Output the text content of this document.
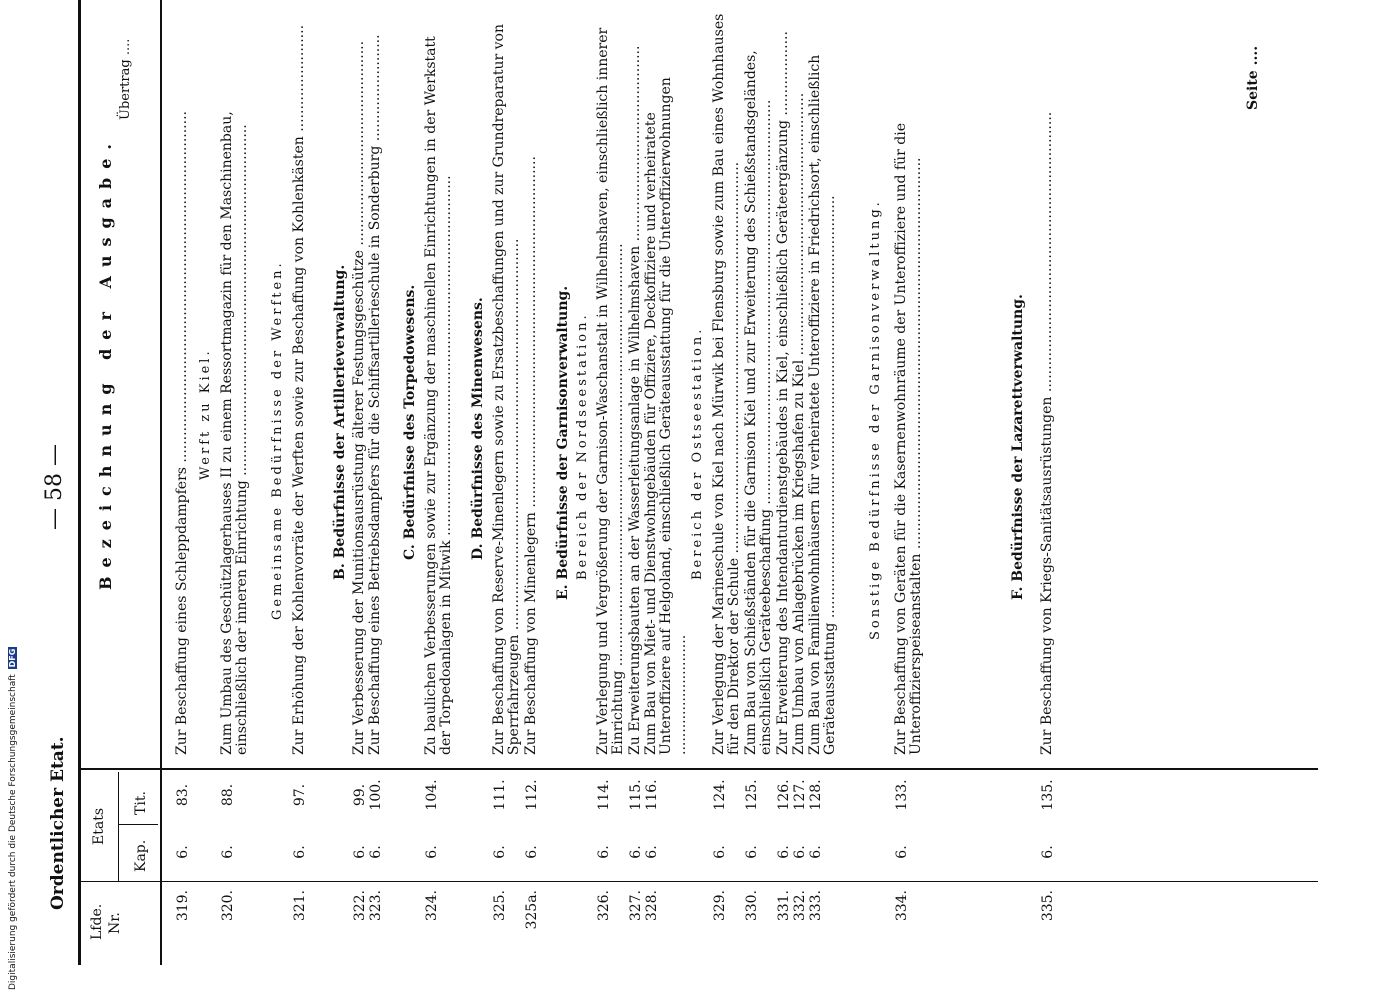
Ordentlicher Etat.
— 58 —
Lfde. Nr.
Etats
Kap.
Tit.
Bezeichnung der Ausgabe.
Übertrag ....
319.
6.
83.
Zur Beschaffung eines Schleppdampfers ............................................................................... Werft zu Kiel.
320.
6.
88.
Zum Umbau des Geschützlagerhauses II zu einem Ressortmagazin für den Maschinenbau, einschließlich der inneren Einrichtung ............................................................................... Gemeinsame Bedürfnisse der Werften.
321.
6.
97.
Zur Erhöhung der Kohlenvorräte der Werften sowie zur Beschaffung von Kohlenkästen ........................ B. Bedürfnisse der Artillerieverwaltung.
322.
6.
99.
Zur Verbesserung der Munitionsausrüstung älterer Festungsgeschütze ..............................................
323.
6.
100.
Zur Beschaffung eines Betriebsdampfers für die Schiffsartillerieschule in Sonderburg ........................ C. Bedürfnisse des Torpedowesens.
324.
6.
104.
Zu baulichen Verbesserungen sowie zur Ergänzung der maschinellen Einrichtungen in der Werkstatt der Torpedoanlagen in Mitwik ................................................................................. D. Bedürfnisse des Minenwesens.
325.
6.
111.
Zur Beschaffung von Reserve-Minenlegern sowie zu Ersatzbeschaffungen und zur Grundreparatur von Sperrfahrzeugen ........................................................................................
325a.
6.
112.
Zur Beschaffung von Minenlegern ............................................................................... E. Bedürfnisse der Garnisonverwaltung. Bereich der Nordseestation.
326.
6.
114.
Zur Verlegung und Vergrößerung der Garnison-Waschanstalt in Wilhelmshaven, einschließlich innerer Einrichtung ...............................................................................................
327.
6.
115.
Zu Erweiterungsbauten an der Wasserleitungsanlage in Wilhelmshaven ............................................
328.
6.
116.
Zum Bau von Miet- und Dienstwohngebäuden für Offiziere, Deckoffiziere und verheiratete Unteroffiziere auf Helgoland, einschließlich Geräteausstattung für die Unteroffizierwohnungen ...........................
Bereich der Ostseestation.
329.
6.
124.
Zur Verlegung der Marineschule von Kiel nach Mürwik bei Flensburg sowie zum Bau eines Wohnhauses für den Direktor der Schule ........................................................................................
330.
6.
125.
Zum Bau von Schießständen für die Garnison Kiel und zur Erweiterung des Schießstandsgeländes, einschließlich Geräteebeschaffung ...........................................................................................
331.
6.
126.
Zur Erweiterung des Intendanturdienstgebäudes in Kiel, einschließlich Geräteergänzung ...................
332.
6.
127.
Zum Umbau von Anlagebrücken im Kriegshafen zu Kiel ...........................................................
333.
6.
128.
Zum Bau von Familienwohnhäusern für verheiratete Unteroffiziere in Friedrichsort, einschließlich Geräteausstattung ............................................................................................... Sonstige Bedürfnisse der Garnisonverwaltung.
334.
6.
133.
Zur Beschaffung von Geräten für die Kasernenwohnräume der Unteroffiziere und für die Unteroffizierspeiseanstalten ........................................................................................	F. Bedürfnisse der Lazarettverwaltung.
335.
6.
135.
Zur Beschaffung von Kriegs-Sanitätsausrüstungen ...............................................................
Seite ....
Digitalisierung gefördert durch die Deutsche Forschungsgemeinschaft DFG
